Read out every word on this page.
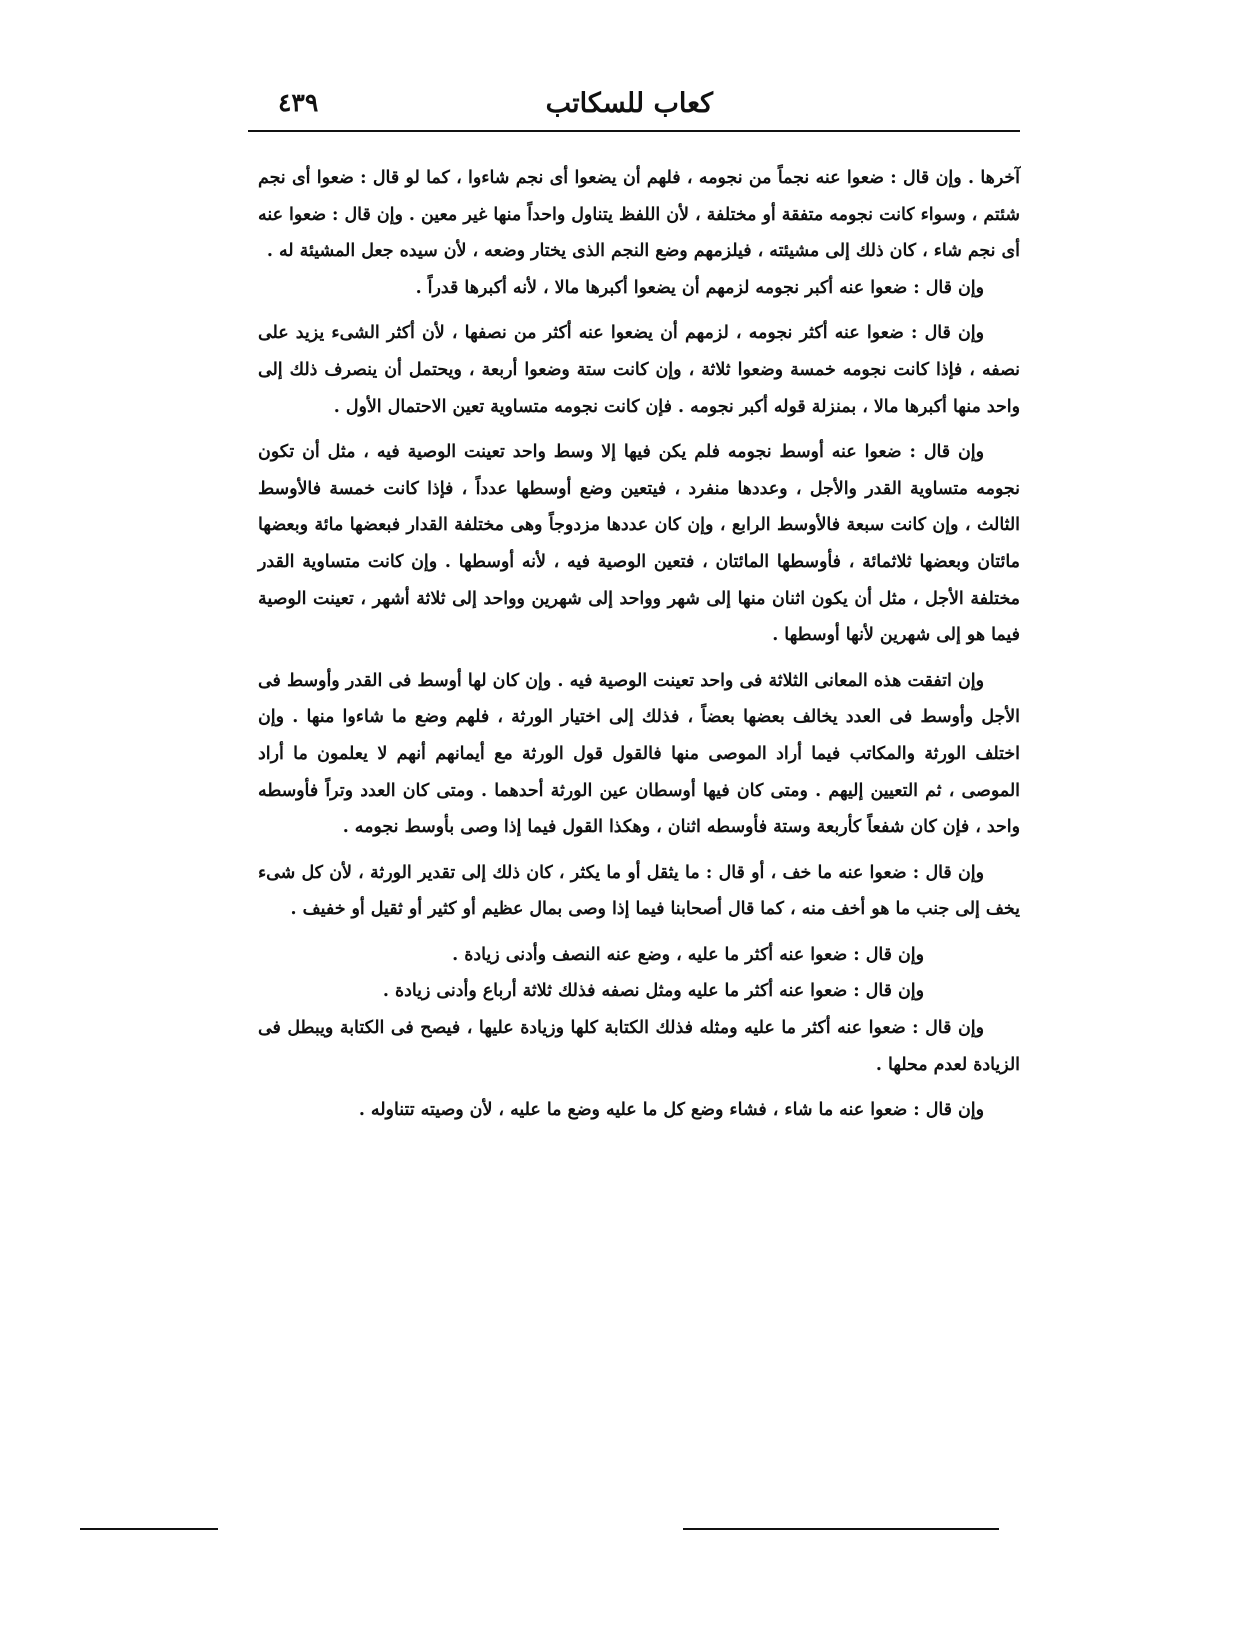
كعاب للسكاتب
٤٣٩

آخرها . وإن قال : ضعوا عنه نجماً من نجومه ، فلهم أن يضعوا أى نجم شاءوا ، كما لو قال : ضعوا أى نجم شئتم ، وسواء كانت نجومه متفقة أو مختلفة ، لأن اللفظ يتناول واحداً منها غير معين . وإن قال : ضعوا عنه أى نجم شاء ، كان ذلك إلى مشيئته ، فيلزمهم وضع النجم الذى يختار وضعه ، لأن سيده جعل المشيئة له .

وإن قال : ضعوا عنه أكبر نجومه لزمهم أن يضعوا أكبرها مالا ، لأنه أكبرها قدراً .

وإن قال : ضعوا عنه أكثر نجومه ، لزمهم أن يضعوا عنه أكثر من نصفها ، لأن أكثر الشىء يزيد على نصفه ، فإذا كانت نجومه خمسة وضعوا ثلاثة ، وإن كانت ستة وضعوا أربعة ، ويحتمل أن ينصرف ذلك إلى واحد منها أكبرها مالا ، بمنزلة قوله أكبر نجومه . فإن كانت نجومه متساوية تعين الاحتمال الأول .

وإن قال : ضعوا عنه أوسط نجومه فلم يكن فيها إلا وسط واحد تعينت الوصية فيه ، مثل أن تكون نجومه متساوية القدر والأجل ، وعددها منفرد ، فيتعين وضع أوسطها عدداً ، فإذا كانت خمسة فالأوسط الثالث ، وإن كانت سبعة فالأوسط الرابع ، وإن كان عددها مزدوجاً وهى مختلفة القدار فبعضها مائة وبعضها مائتان وبعضها ثلاثمائة ، فأوسطها المائتان ، فتعين الوصية فيه ، لأنه أوسطها . وإن كانت متساوية القدر مختلفة الأجل ، مثل أن يكون اثنان منها إلى شهر وواحد إلى شهرين وواحد إلى ثلاثة أشهر ، تعينت الوصية فيما هو إلى شهرين لأنها أوسطها .

وإن اتفقت هذه المعانى الثلاثة فى واحد تعينت الوصية فيه . وإن كان لها أوسط فى القدر وأوسط فى الأجل وأوسط فى العدد يخالف بعضها بعضاً ، فذلك إلى اختيار الورثة ، فلهم وضع ما شاءوا منها . وإن اختلف الورثة والمكاتب فيما أراد الموصى منها فالقول قول الورثة مع أيمانهم أنهم لا يعلمون ما أراد الموصى ، ثم التعيين إليهم . ومتى كان فيها أوسطان عين الورثة أحدهما . ومتى كان العدد وتراً فأوسطه واحد ، فإن كان شفعاً كأربعة وستة فأوسطه اثنان ، وهكذا القول فيما إذا وصى بأوسط نجومه .

وإن قال : ضعوا عنه ما خف ، أو قال : ما يثقل أو ما يكثر ، كان ذلك إلى تقدير الورثة ، لأن كل شىء يخف إلى جنب ما هو أخف منه ، كما قال أصحابنا فيما إذا وصى بمال عظيم أو كثير أو ثقيل أو خفيف .

وإن قال : ضعوا عنه أكثر ما عليه ، وضع عنه النصف وأدنى زيادة .

وإن قال : ضعوا عنه أكثر ما عليه ومثل نصفه فذلك ثلاثة أرباع وأدنى زيادة .

وإن قال : ضعوا عنه أكثر ما عليه ومثله فذلك الكتابة كلها وزيادة عليها ، فيصح فى الكتابة ويبطل فى الزيادة لعدم محلها .

وإن قال : ضعوا عنه ما شاء ، فشاء وضع كل ما عليه وضع ما عليه ، لأن وصيته تتناوله .
